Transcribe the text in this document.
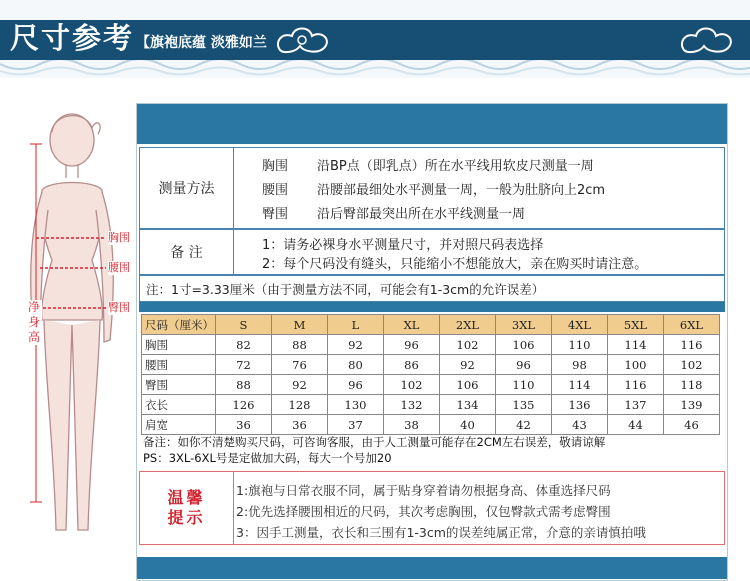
尺寸参考 【旗袍底蕴 淡雅如兰
胸围
腰围
臀围
净身高
测量方法
胸围 沿BP点（即乳点）所在水平线用软皮尺测量一周
腰围 沿腰部最细处水平测量一周，一般为肚脐向上2cm
臀围 沿后臀部最突出所在水平线测量一周
备 注	1：请务必裸身水平测量尺寸，并对照尺码表选择
2：每个尺码没有缝头，只能缩小不想能放大，亲在购买时请注意。
注：1寸=3.33厘米（由于测量方法不同，可能会有1-3cm的允许误差）
尺码（厘米）	S	M	L	XL	2XL	3XL	4XL	5XL	6XL
胸围	82	88	92	96	102	106	110	114	116
腰围	72	76	80	86	92	96	98	100	102
臀围	88	92	96	102	106	110	114	116	118
衣长	126	128	130	132	134	135	136	137	139
肩宽	36	36	37	38	40	42	43	44	46
备注：如你不清楚购买尺码，可咨询客服，由于人工测量可能存在2CM左右误差，敬请谅解
PS：3XL-6XL号是定做加大码，每大一个号加20
温馨
提示
1:旗袍与日常衣服不同，属于贴身穿着请勿根据身高、体重选择尺码
2:优先选择腰围相近的尺码，其次考虑胸围，仅包臀款式需考虑臀围
3：因手工测量，衣长和三围有1-3cm的误差纯属正常，介意的亲请慎拍哦
